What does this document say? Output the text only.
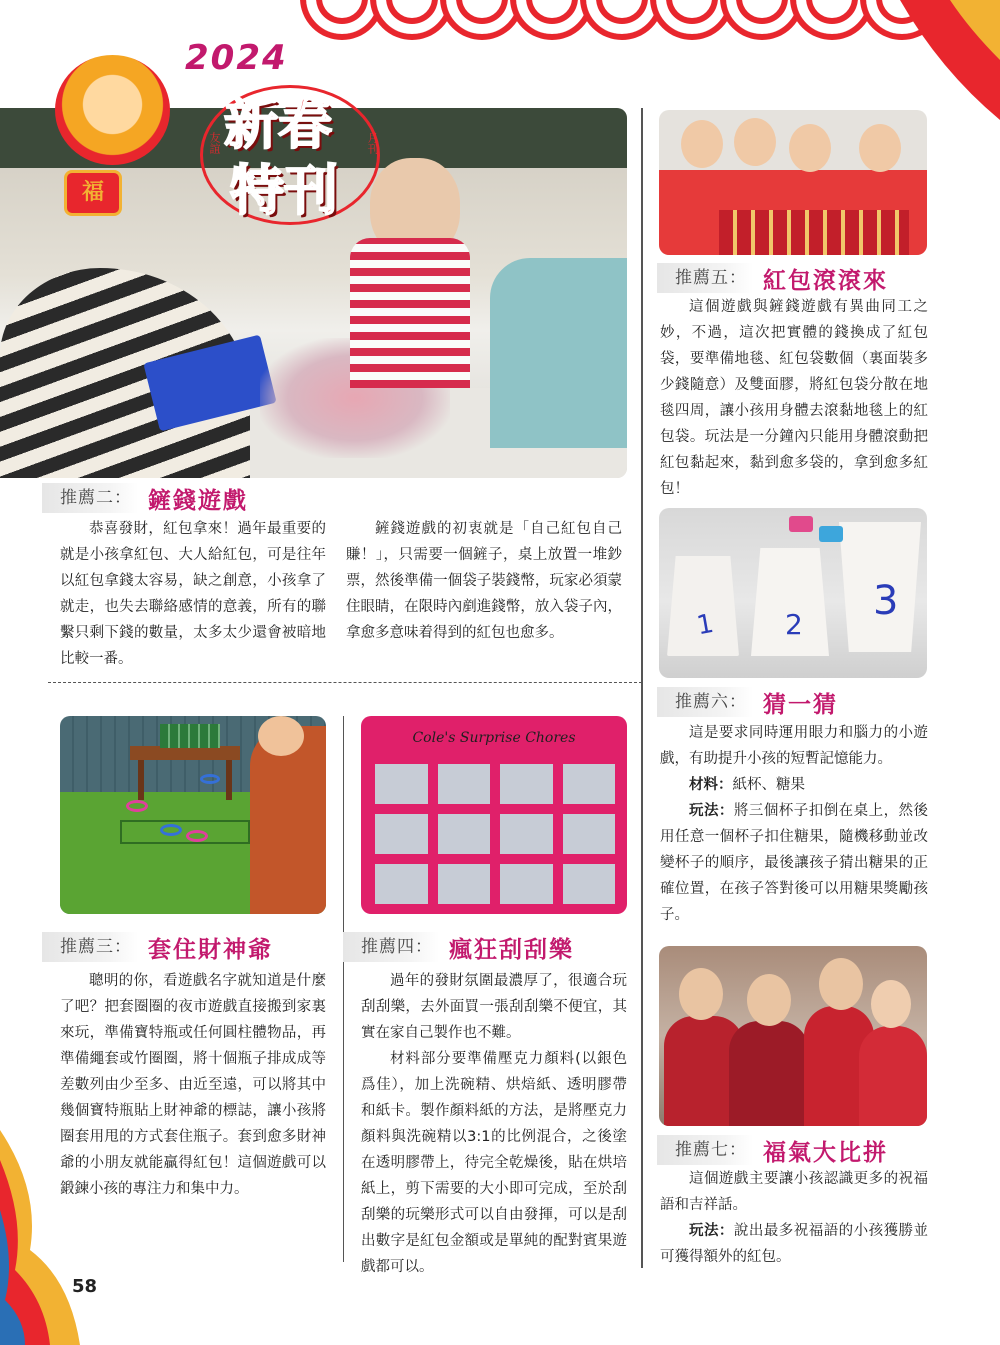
福
2024
友誼	月刊
新春
特刊
推薦五： 紅包滾滾來

這個遊戲與鏟錢遊戲有異曲同工之妙，不過，這次把實體的錢換成了紅包袋，要準備地毯、紅包袋數個（裏面裝多少錢隨意）及雙面膠，將紅包袋分散在地毯四周，讓小孩用身體去滾黏地毯上的紅包袋。玩法是一分鐘內只能用身體滾動把紅包黏起來，黏到愈多袋的，拿到愈多紅包！

1 2
3
推薦六： 猜一猜

這是要求同時運用眼力和腦力的小遊戲，有助提升小孩的短暫記憶能力。

材料：紙杯、糖果

玩法：將三個杯子扣倒在桌上，然後用任意一個杯子扣住糖果，隨機移動並改變杯子的順序，最後讓孩子猜出糖果的正確位置，在孩子答對後可以用糖果獎勵孩子。

推薦七： 福氣大比拼

這個遊戲主要讓小孩認識更多的祝福語和吉祥話。

玩法：說出最多祝福語的小孩獲勝並可獲得額外的紅包。

推薦二： 鏟錢遊戲

恭喜發財，紅包拿來！過年最重要的就是小孩拿紅包、大人給紅包，可是往年以紅包拿錢太容易，缺之創意，小孩拿了就走，也失去聯絡感情的意義，所有的聯繫只剩下錢的數量，太多太少還會被暗地比較一番。

鏟錢遊戲的初衷就是「自己紅包自己賺！」，只需要一個鏟子，桌上放置一堆鈔票，然後準備一個袋子裝錢幣，玩家必須蒙住眼睛，在限時內剷進錢幣，放入袋子內，拿愈多意味着得到的紅包也愈多。

Cole's Surprise Chores
推薦三： 套住財神爺

聰明的你，看遊戲名字就知道是什麼了吧？把套圈圈的夜市遊戲直接搬到家裏來玩，準備寶特瓶或任何圓柱體物品，再準備繩套或竹圈圈，將十個瓶子排成成等差數列由少至多、由近至遠，可以將其中幾個寶特瓶貼上財神爺的標誌，讓小孩將圈套用甩的方式套住瓶子。套到愈多財神爺的小朋友就能贏得紅包！這個遊戲可以鍛鍊小孩的專注力和集中力。

推薦四： 瘋狂刮刮樂

過年的發財氛圍最濃厚了，很適合玩刮刮樂，去外面買一張刮刮樂不便宜，其實在家自己製作也不難。

材料部分要準備壓克力顏料(以銀色爲佳），加上洗碗精、烘焙紙、透明膠帶和紙卡。製作顏料紙的方法，是將壓克力顏料與洗碗精以3:1的比例混合，之後塗在透明膠帶上，待完全乾燥後，貼在烘培紙上，剪下需要的大小即可完成，至於刮刮樂的玩樂形式可以自由發揮，可以是刮出數字是紅包金額或是單純的配對賓果遊戲都可以。

58
